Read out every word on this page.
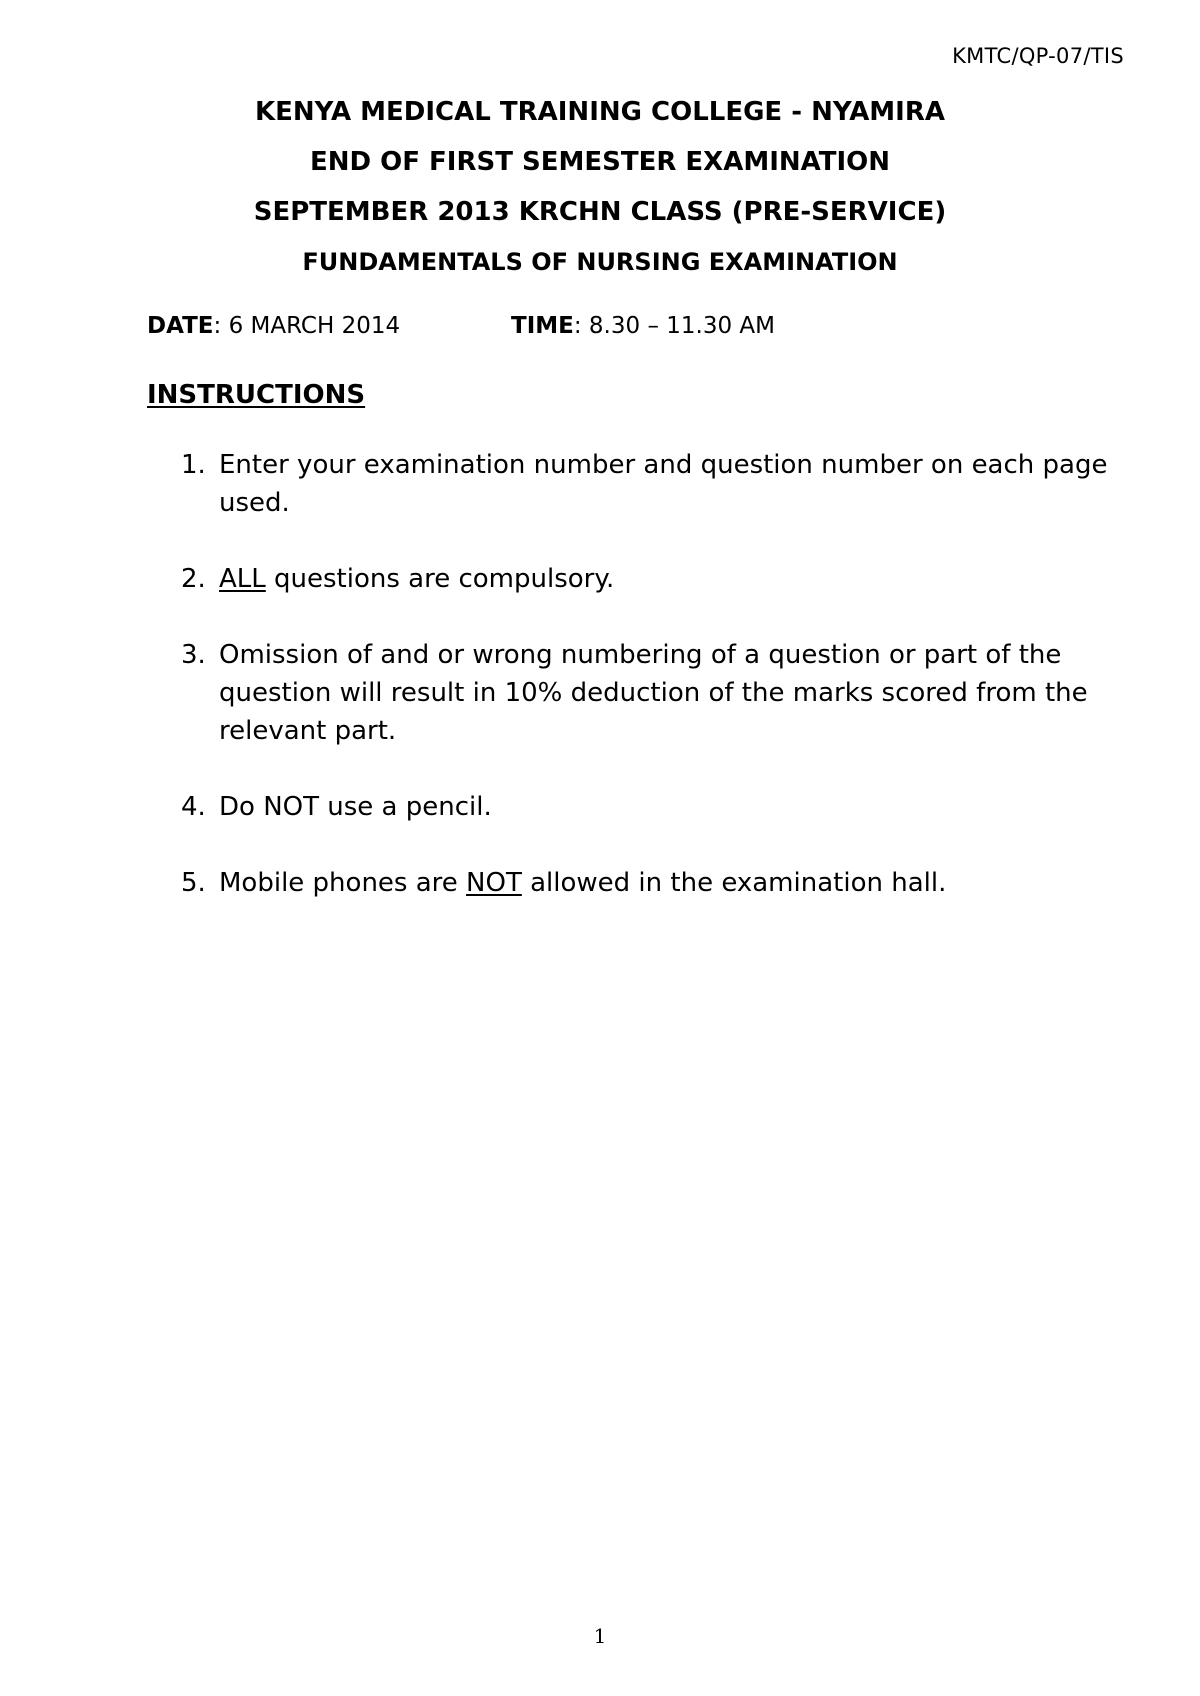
KMTC/QP-07/TIS
KENYA MEDICAL TRAINING COLLEGE - NYAMIRA
END OF FIRST SEMESTER EXAMINATION
SEPTEMBER 2013 KRCHN CLASS (PRE-SERVICE)
FUNDAMENTALS OF NURSING EXAMINATION
DATE: 6 MARCH 2014	TIME: 8.30 – 11.30 AM
INSTRUCTIONS
1. Enter your examination number and question number on each page used.
2. ALL questions are compulsory.
3. Omission of and or wrong numbering of a question or part of the question will result in 10% deduction of the marks scored from the relevant part.
4. Do NOT use a pencil.
5. Mobile phones are NOT allowed in the examination hall.
1
